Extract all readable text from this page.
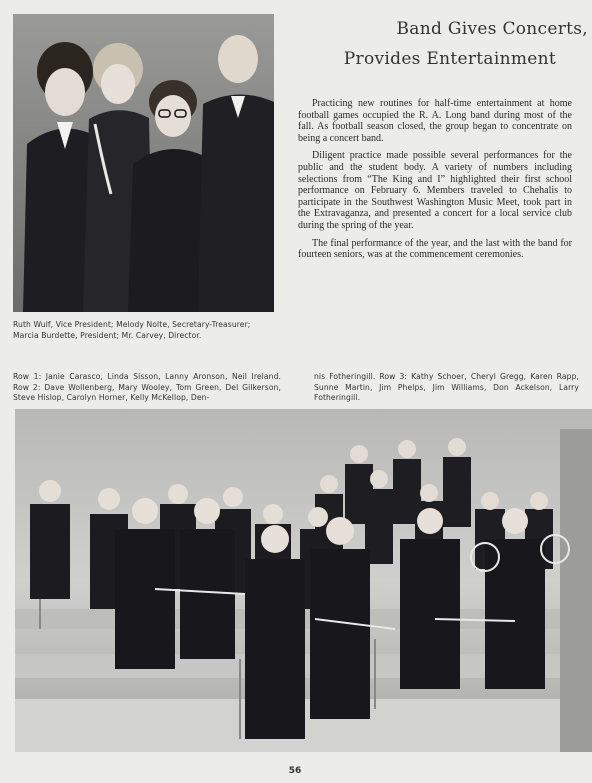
Band Gives Concerts,
Provides Entertainment

Practicing new routines for half-time entertainment at home football games occupied the R. A. Long band during most of the fall. As football season closed, the group began to concentrate on being a concert band.

Diligent practice made possible several performances for the public and the student body. A variety of numbers including selections from “The King and I” highlighted their first school performance on February 6. Members traveled to Chehalis to participate in the Southwest Washington Music Meet, took part in the Extravaganza, and presented a concert for a local service club during the spring of the year.

The final performance of the year, and the last with the band for fourteen seniors, was at the commencement ceremonies.

Ruth Wulf, Vice President; Melody Nolte, Secretary-Treasurer; Marcia Burdette, President; Mr. Carvey, Director.
Row 1: Janie Carasco, Linda Sisson, Lanny Aronson, Neil Ireland. Row 2: Dave Wollenberg, Mary Wooley, Tom Green, Del Gilkerson, Steve Hislop, Carolyn Horner, Kelly McKellop, Den-
nis Fotheringill. Row 3: Kathy Schoer, Cheryl Gregg, Karen Rapp, Sunne Martin, Jim Phelps, Jim Williams, Don Ackelson, Larry Fotheringill.
56
